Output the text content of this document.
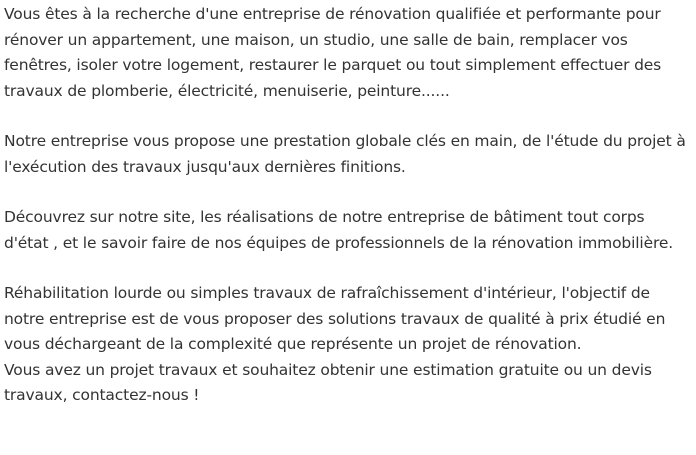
Vous êtes à la recherche d'une entreprise de rénovation qualifiée et performante pour rénover un appartement, une maison, un studio, une salle de bain, remplacer vos fenêtres, isoler votre logement, restaurer le parquet ou tout simplement effectuer des travaux de plomberie, électricité, menuiserie, peinture......

Notre entreprise vous propose une prestation globale clés en main, de l'étude du projet à l'exécution des travaux jusqu'aux dernières finitions.

Découvrez sur notre site, les réalisations de notre entreprise de bâtiment tout corps d'état , et le savoir faire de nos équipes de professionnels de la rénovation immobilière.

Réhabilitation lourde ou simples travaux de rafraîchissement d'intérieur, l'objectif de notre entreprise est de vous proposer des solutions travaux de qualité à prix étudié en vous déchargeant de la complexité que représente un projet de rénovation.

Vous avez un projet travaux et souhaitez obtenir une estimation gratuite ou un devis travaux, contactez-nous !
